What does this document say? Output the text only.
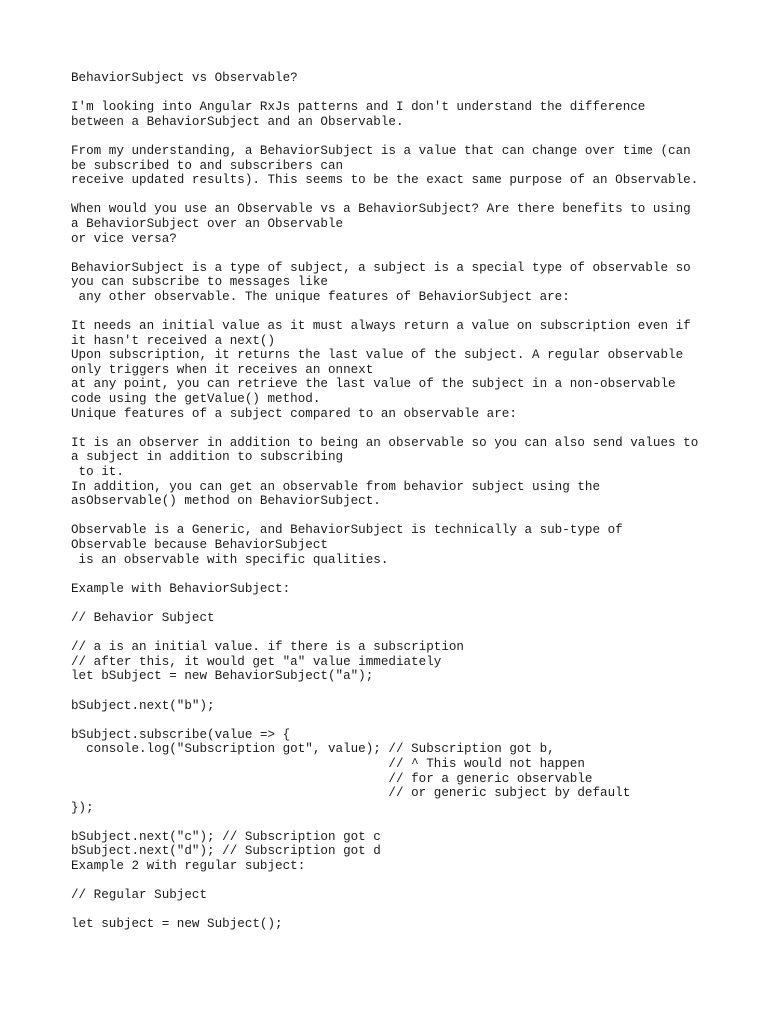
BehaviorSubject vs Observable?
I'm looking into Angular RxJs patterns and I don't understand the difference
between a BehaviorSubject and an Observable.
From my understanding, a BehaviorSubject is a value that can change over time (can
be subscribed to and subscribers can
receive updated results). This seems to be the exact same purpose of an Observable.
When would you use an Observable vs a BehaviorSubject? Are there benefits to using
a BehaviorSubject over an Observable
or vice versa?
BehaviorSubject is a type of subject, a subject is a special type of observable so
you can subscribe to messages like
any other observable. The unique features of BehaviorSubject are:
It needs an initial value as it must always return a value on subscription even if
it hasn't received a next()
Upon subscription, it returns the last value of the subject. A regular observable
only triggers when it receives an onnext
at any point, you can retrieve the last value of the subject in a non-observable
code using the getValue() method.
Unique features of a subject compared to an observable are:
It is an observer in addition to being an observable so you can also send values to
a subject in addition to subscribing
to it.
In addition, you can get an observable from behavior subject using the
asObservable() method on BehaviorSubject.
Observable is a Generic, and BehaviorSubject is technically a sub-type of
Observable because BehaviorSubject
is an observable with specific qualities.
Example with BehaviorSubject:
// Behavior Subject
// a is an initial value. if there is a subscription
// after this, it would get "a" value immediately
let bSubject = new BehaviorSubject("a");
bSubject.next("b");
bSubject.subscribe(value => {
console.log("Subscription got", value); // Subscription got b,
// ^ This would not happen
// for a generic observable
// or generic subject by default
});
bSubject.next("c"); // Subscription got c
bSubject.next("d"); // Subscription got d
Example 2 with regular subject:
// Regular Subject
let subject = new Subject();
